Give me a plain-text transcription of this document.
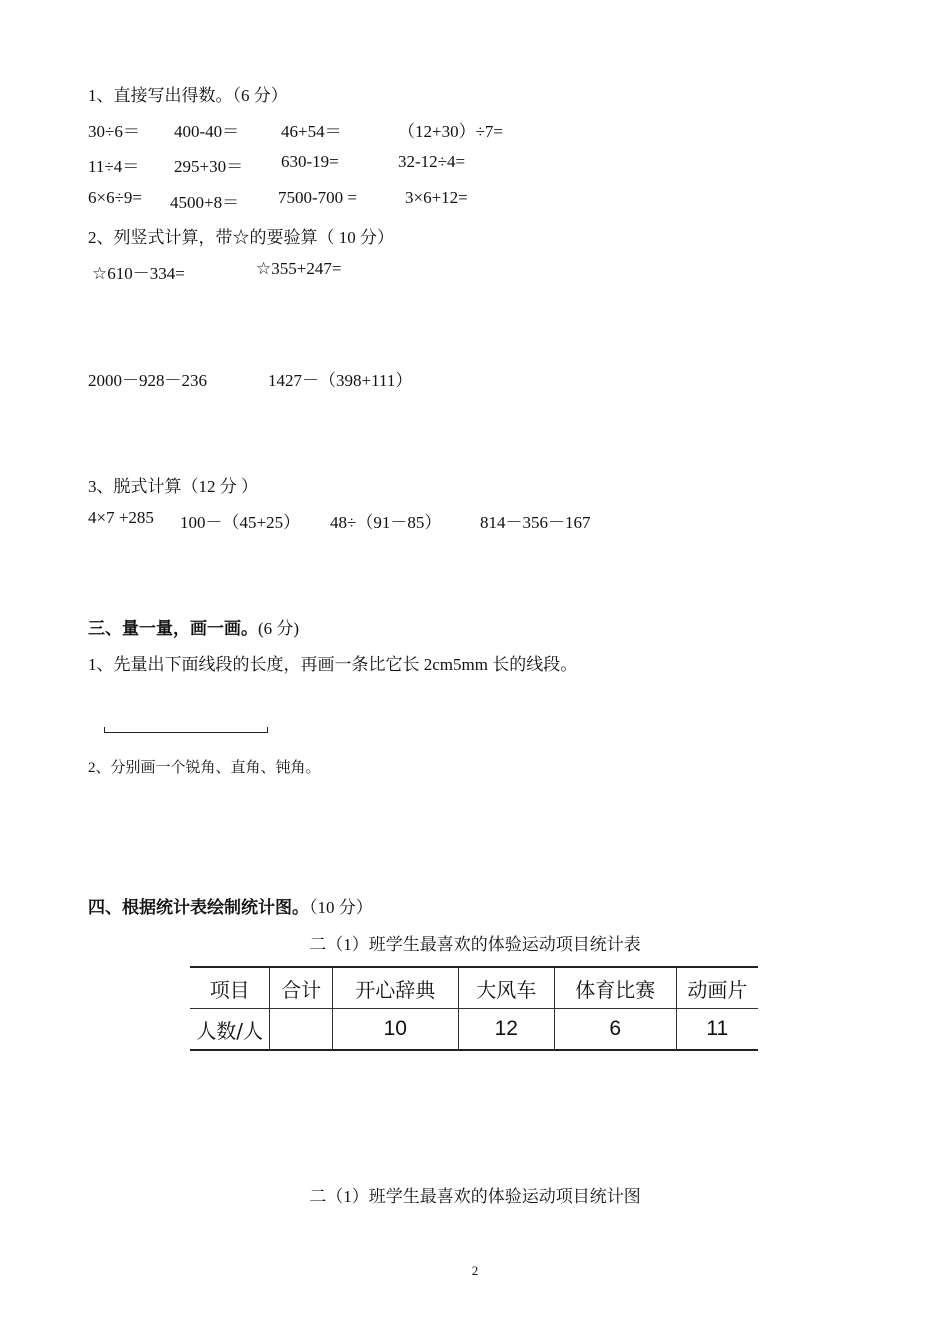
1、直接写出得数。（6 分）
30÷6＝ 400-40＝ 46+54＝	（12+30）÷7=
11÷4＝ 295+30＝ 630-19=	32-12÷4=
6×6÷9= 4500+8＝ 7500-700 =	3×6+12=
2、列竖式计算，带☆的要验算（ 10 分）
☆610－334=	☆355+247=
2000－928－236	1427－（398+111）
3、脱式计算（12 分 ）
4×7 +285 100－（45+25） 48÷（91－85） 814－356－167
三、量一量，画一画。(6 分)
1、先量出下面线段的长度，再画一条比它长 2cm5mm 长的线段。
2、分别画一个锐角、直角、钝角。
四、根据统计表绘制统计图。（10 分）
二（1）班学生最喜欢的体验运动项目统计表
项目	合计	开心辞典	大风车	体育比赛	动画片
人数/人		10	12	6	11
二（1）班学生最喜欢的体验运动项目统计图
2
